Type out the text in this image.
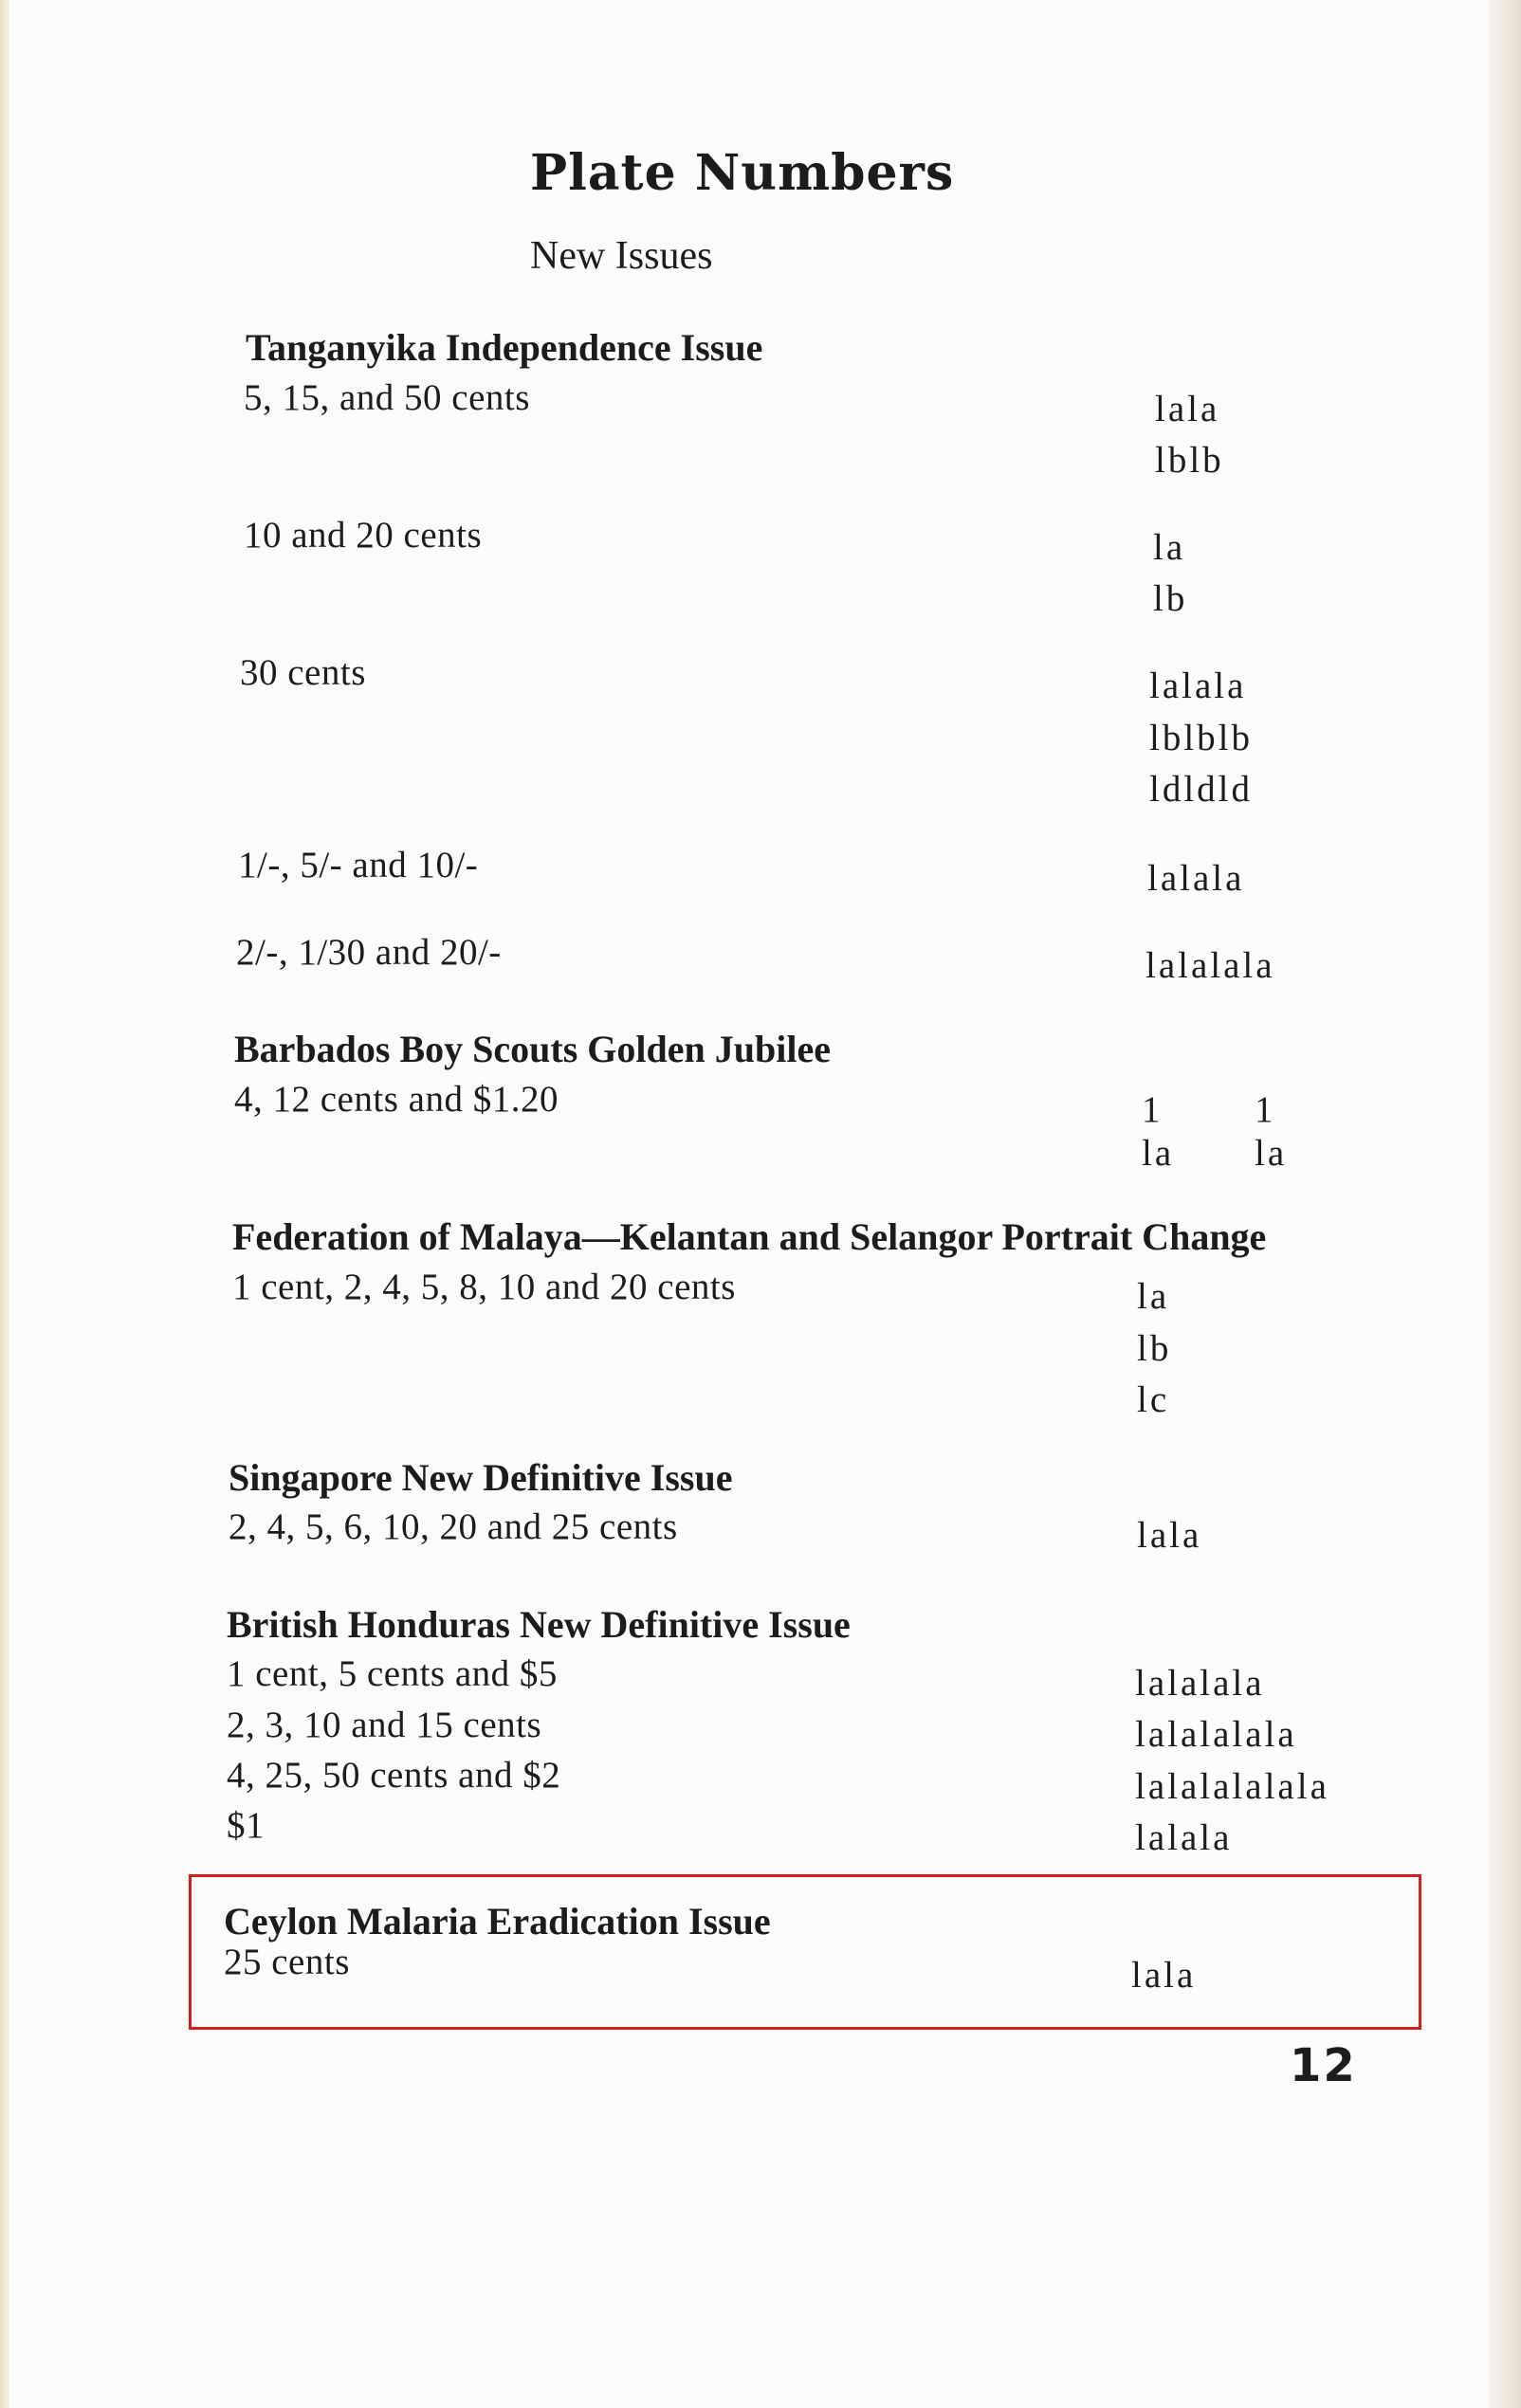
Plate Numbers
New Issues
Tanganyika Independence Issue
5, 15, and 50 cents	lala
lblb
10 and 20 cents	la
lb
30 cents	lalala
lblblb
ldldld
1/-, 5/- and 10/-	lalala
2/-, 1/30 and 20/-	lalalala
Barbados Boy Scouts Golden Jubilee
4, 12 cents and $1.20	1 1
la la
Federation of Malaya—Kelantan and Selangor Portrait Change
1 cent, 2, 4, 5, 8, 10 and 20 cents	la
lb
lc
Singapore New Definitive Issue
2, 4, 5, 6, 10, 20 and 25 cents	lala
British Honduras New Definitive Issue
1 cent, 5 cents and $5	lalalala
2, 3, 10 and 15 cents	lalalalala
4, 25, 50 cents and $2	lalalalalala
$1	lalala
Ceylon Malaria Eradication Issue
25 cents	lala
12
